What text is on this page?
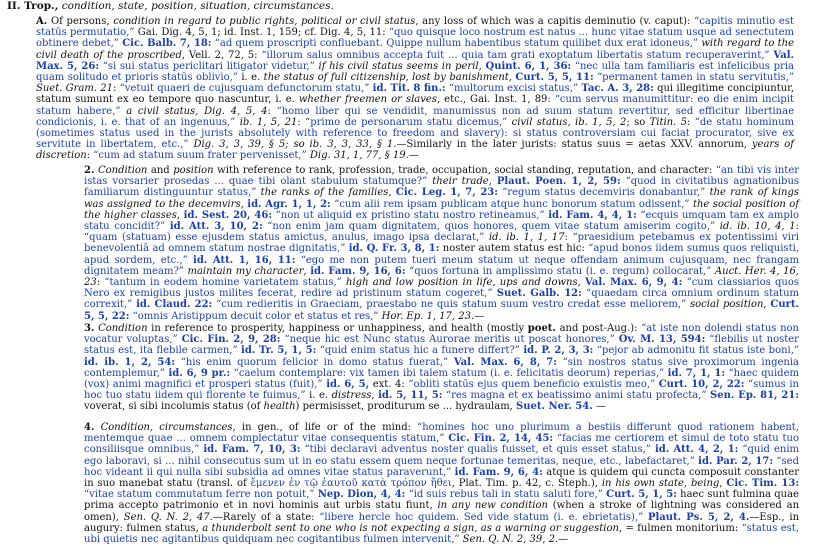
II. Trop., condition, state, position, situation, circumstances.
A. Of persons, condition in regard to public rights, political or civil status, any loss of which was a capitis deminutio (v. caput): “capitis minutio est statūs permutatio,” Gai. Dig. 4, 5, 1; id. Inst. 1, 159; cf. Dig. 4, 5, 11: “quo quisque loco nostrum est natus ... hunc vitae statum usque ad senectutem obtinere debet,” Cic. Balb. 7, 18: “ad quem proscripti confluebant. Quippe nullum habentibus statum quilibet dux erat idoneus,” with regard to the civil death of the proscribed, Vell. 2, 72, 5: “illorum salus omnibus accepta fuit ... quia tam grati exoptatum libertatis statum recuperaverint,” Val. Max. 5, 26: “si sui status periclitari litigator videtur,” if his civil status seems in peril, Quint. 6, 1, 36: “nec ulla tam familiaris est infelicibus pria quam solitudo et prioris statūs oblivio,” i. e. the status of full citizenship, lost by banishment, Curt. 5, 5, 11: “permanent tamen in statu servitutis,” Suet. Gram. 21: “vetuit quaeri de cujusquam defunctorum statu,” id. Tit. 8 fin.: “multorum excisi status,” Tac. A. 3, 28: qui illegitime concipiuntur, statum sumunt ex eo tempore quo nascuntur, i. e. whether freemen or slaves, etc., Gai. Inst. 1, 89: “cum servus manumittitur: eo die enim incipit statum habere,” a civil status, Dig. 4, 5, 4: “homo liber qui se vendidit, manumissus non ad suum statum revertitur, sed efficitur libertinae condicionis, i. e. that of an ingenuus,” ib. 1, 5, 21: “primo de personarum statu dicemus,” civil status, ib. 1, 5, 2; so Titin. 5: “de statu hominum (sometimes status used in the jurists absolutely with reference to freedom and slavery): si status controversiam cui faciat procurator, sive ex servitute in libertatem, etc.,” Dig. 3, 3, 39, § 5; so ib. 3, 3, 33, § 1.—Similarly in the later jurists: status suus = aetas XXV. annorum, years of discretion: “cum ad statum suum frater pervenisset,” Dig. 31, 1, 77, § 19.—
2. Condition and position with reference to rank, profession, trade, occupation, social standing, reputation, and character: “an tibi vis inter istas vorsarier prosedas ... quae tibi olant stabulum statumque?” their trade, Plaut. Poen. 1, 2, 59: “quod in civitatibus agnationibus familiarum distinguuntur status,” the ranks of the families, Cic. Leg. 1, 7, 23: “regum status decemviris donabantur,” the rank of kings was assigned to the decemvirs, id. Agr. 1, 1, 2: “cum alii rem ipsam publicam atque hunc bonorum statum odissent,” the social position of the higher classes, id. Sest. 20, 46: “non ut aliquid ex pristino statu nostro retineamus,” id. Fam. 4, 4, 1: “ecquis umquam tam ex amplo statu concidit?” id. Att. 3, 10, 2: “non enim jam quam dignitatem, quos honores, quem vitae statum amiserim cogito,” id. ib. 10, 4, 1: “quam (statuam) esse ejusdem status amictus, anulus, imago ipsa declarat,” id. ib. 1, 1, 17: “praesidium petebamus ex potentissimi viri benevolentiā ad omnem statum nostrae dignitatis,” id. Q. Fr. 3, 8, 1: noster autem status est hic: “apud bonos iidem sumus quos reliquisti, apud sordem, etc.,” id. Att. 1, 16, 11: “ego me non putem tueri meum statum ut neque offendam animum cujusquam, nec frangam dignitatem meam?” maintain my character, id. Fam. 9, 16, 6: “quos fortuna in amplissimo statu (i. e. regum) collocarat,” Auct. Her. 4, 16, 23: “tantum in eodem homine varietatem status,” high and low position in life, ups and downs, Val. Max. 6, 9, 4: “cum classiarios quos Nero ex remigibus justos milites fecerat, redire ad pristinum statum cogeret,” Suet. Galb. 12: “quaedam circa omnium ordinum statum correxit,” id. Claud. 22: “cum redieritis in Graeciam, praestabo ne quis statum suum vestro credat esse meliorem,” social position, Curt. 5, 5, 22: “omnis Aristippum decuit color et status et res,” Hor. Ep. 1, 17, 23.—
3. Condition in reference to prosperity, happiness or unhappiness, and health (mostly poet. and post-Aug.): “at iste non dolendi status non vocatur voluptas,” Cic. Fin. 2, 9, 28: “neque hic est Nunc status Aurorae meritis ut poscat honores,” Ov. M. 13, 594: “flebilis ut noster status est, ita flebile carmen,” id. Tr. 5, 1, 5: “quid enim status hic a funere differt?” id. P. 2, 3, 3: “pejor ab admonitu fit status iste boni,” id. ib. 1, 2, 54: “his enim quorum felicior in domo status fuerat,” Val. Max. 6, 8, 7: “sin nostros status sive proximorum ingenia contemplemur,” id. 6, 9 pr.: “caelum contemplare: vix tamen ibi talem statum (i. e. felicitatis deorum) reperias,” id. 7, 1, 1: “haec quidem (vox) animi magnifici et prosperi status (fuit),” id. 6, 5, ext. 4: “obliti statūs ejus quem beneficio exuistis meo,” Curt. 10, 2, 22: “sumus in hoc tuo statu iidem qui florente te fuimus,” i. e. distress, id. 5, 11, 5: “res magna et ex beatissimo animi statu profecta,” Sen. Ep. 81, 21: voverat, si sibi incolumis status (of health) permisisset, proditurum se ... hydraulam, Suet. Ner. 54. —
4. Condition, circumstances, in gen., of life or of the mind: “homines hoc uno plurimum a bestiis differunt quod rationem habent, mentemque quae ... omnem complectatur vitae consequentis statum,” Cic. Fin. 2, 14, 45: “facias me certiorem et simul de toto statu tuo consiliisque omnibus,” id. Fam. 7, 10, 3: “tibi declaravi adventus noster qualis fuisset, et quis esset status,” id. Att. 4, 2, 1: “quid enim ego laboravi, si ... nihil consecutus sum ut in eo statu essem quem neque fortunae temeritas, neque, etc., labefactaret,” id. Par. 2, 17: “sed hoc videant ii qui nulla sibi subsidia ad omnes vitae status paraverunt,” id. Fam. 9, 6, 4: atque is quidem qui cuncta composuit constanter in suo manebat statu (transl. of ἔμενεν ἐν τῷ ἑαυτοῦ κατὰ τρόπον ἤθει, Plat. Tim. p. 42, c. Steph.), in his own state, being, Cic. Tim. 13: “vitae statum commutatum ferre non potuit,” Nep. Dion, 4, 4: “id suis rebus tali in statu saluti fore,” Curt. 5, 1, 5: haec sunt fulmina quae prima accepto patrimonio et in novi hominis aut urbis statu fiunt, in any new condition (when a stroke of lightning was considered an omen), Sen. Q. N. 2, 47.—Rarely of a state: “libere hercle hoc quidem. Sed vide statum (i. e. ebrietatis),” Plaut. Ps. 5, 2, 4.—Esp., in augury: fulmen status, a thunderbolt sent to one who is not expecting a sign, as a warning or suggestion, = fulmen monitorium: “status est, ubi quietis nec agitantibus quidquam nec cogitantibus fulmen intervenit,” Sen. Q. N. 2, 39, 2.—
